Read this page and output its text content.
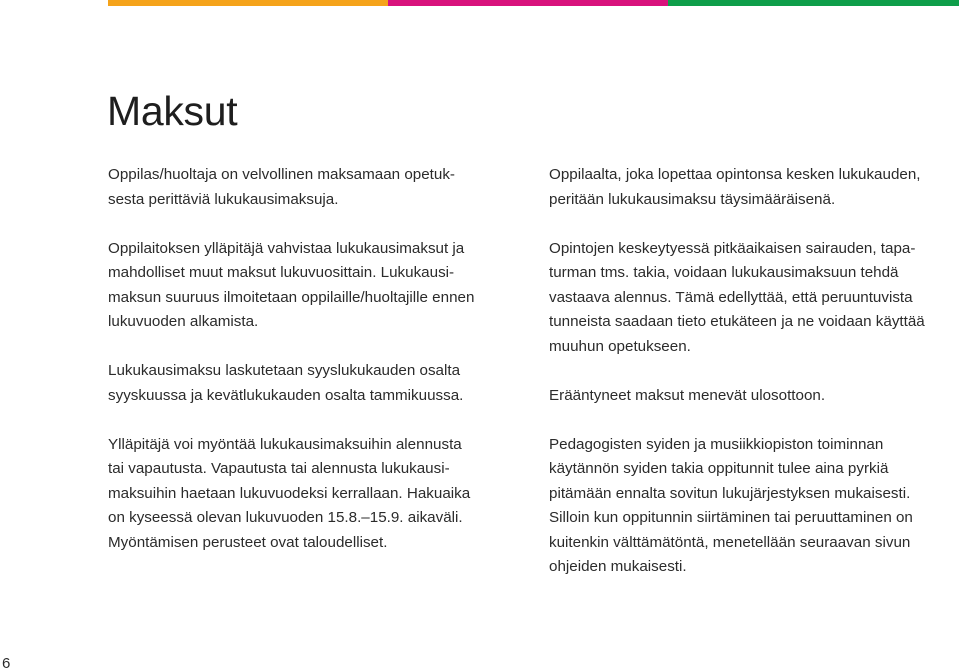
Maksut

Oppilas/huoltaja on velvollinen maksamaan opetuk-
sesta perittäviä lukukausimaksuja.

Oppilaitoksen ylläpitäjä vahvistaa lukukausimaksut ja
mahdolliset muut maksut lukuvuosittain. Lukukausi-
maksun suuruus ilmoitetaan oppilaille/huoltajille ennen
lukuvuoden alkamista.

Lukukausimaksu laskutetaan syyslukukauden osalta
syyskuussa ja kevätlukukauden osalta tammikuussa.

Ylläpitäjä voi myöntää lukukausimaksuihin alennusta
tai vapautusta. Vapautusta tai alennusta lukukausi-
maksuihin haetaan lukuvuodeksi kerrallaan. Hakuaika
on kyseessä olevan lukuvuoden 15.8.–15.9. aikaväli.
Myöntämisen perusteet ovat taloudelliset.

Oppilaalta, joka lopettaa opintonsa kesken lukukauden,
peritään lukukausimaksu täysimääräisenä.

Opintojen keskeytyessä pitkäaikaisen sairauden, tapa-
turman tms. takia, voidaan lukukausimaksuun tehdä
vastaava alennus. Tämä edellyttää, että peruuntuvista
tunneista saadaan tieto etukäteen ja ne voidaan käyttää
muuhun opetukseen.

Erääntyneet maksut menevät ulosottoon.

Pedagogisten syiden ja musiikkiopiston toiminnan
käytännön syiden takia oppitunnit tulee aina pyrkiä
pitämään ennalta sovitun lukujärjestyksen mukaisesti.
Silloin kun oppitunnin siirtäminen tai peruuttaminen on
kuitenkin välttämätöntä, menetellään seuraavan sivun
ohjeiden mukaisesti.

6
